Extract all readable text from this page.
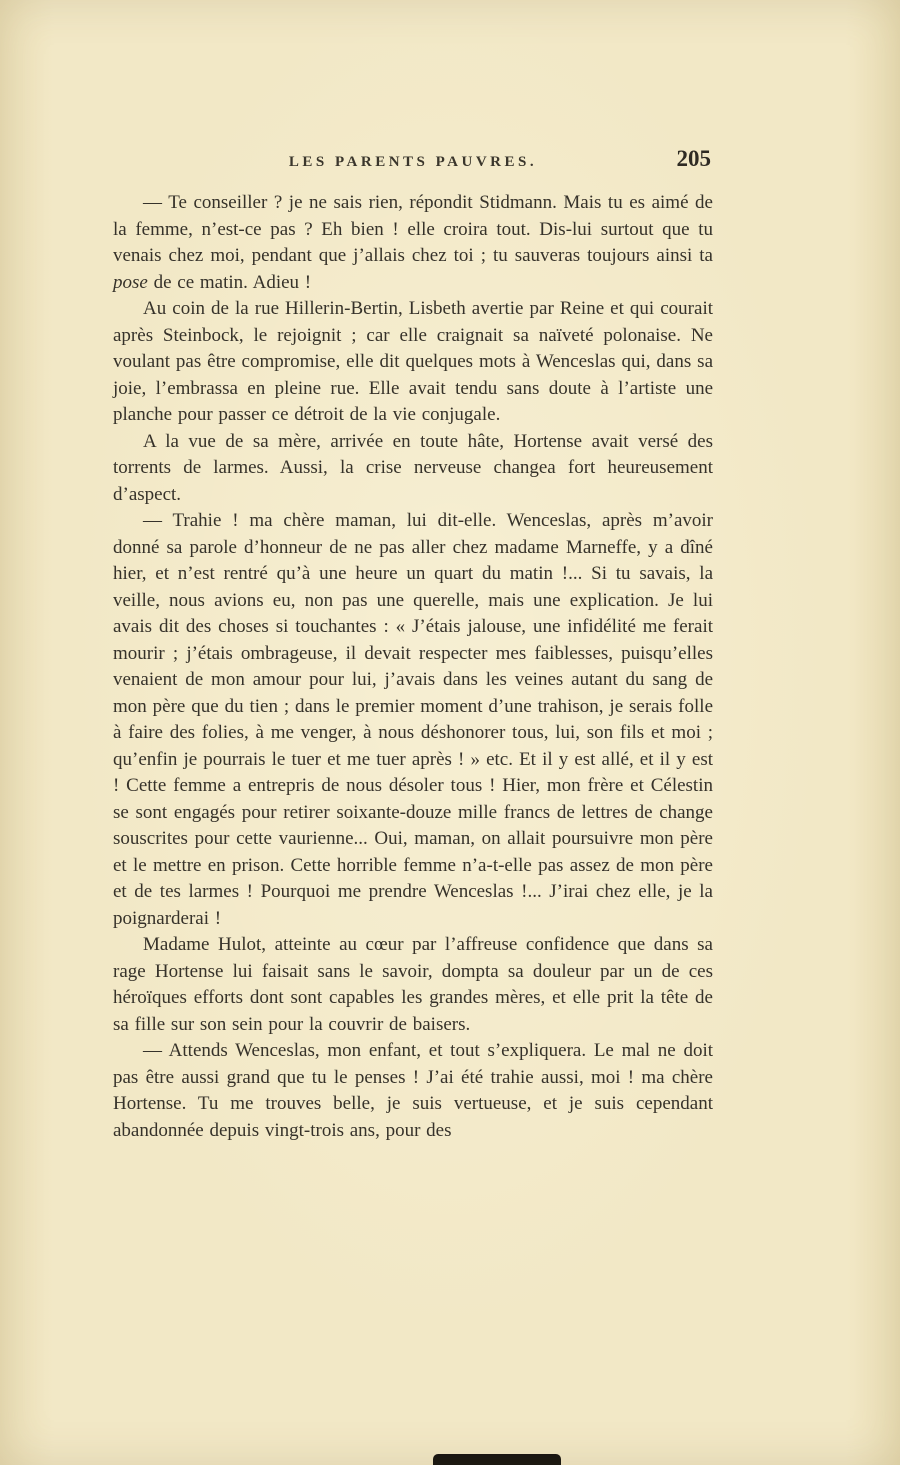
LES PARENTS PAUVRES.	205

— Te conseiller ? je ne sais rien, répondit Stidmann. Mais tu es aimé de la femme, n’est-ce pas ? Eh bien ! elle croira tout. Dis-lui surtout que tu venais chez moi, pendant que j’allais chez toi ; tu sauveras toujours ainsi ta pose de ce matin. Adieu !

Au coin de la rue Hillerin-Bertin, Lisbeth avertie par Reine et qui courait après Steinbock, le rejoignit ; car elle craignait sa naïveté polonaise. Ne voulant pas être compromise, elle dit quelques mots à Wenceslas qui, dans sa joie, l’embrassa en pleine rue. Elle avait tendu sans doute à l’artiste une planche pour passer ce détroit de la vie conjugale.

A la vue de sa mère, arrivée en toute hâte, Hortense avait versé des torrents de larmes. Aussi, la crise nerveuse changea fort heureusement d’aspect.

— Trahie ! ma chère maman, lui dit-elle. Wenceslas, après m’avoir donné sa parole d’honneur de ne pas aller chez madame Marneffe, y a dîné hier, et n’est rentré qu’à une heure un quart du matin !... Si tu savais, la veille, nous avions eu, non pas une querelle, mais une explication. Je lui avais dit des choses si touchantes : « J’étais jalouse, une infidélité me ferait mourir ; j’étais ombrageuse, il devait respecter mes faiblesses, puisqu’elles venaient de mon amour pour lui, j’avais dans les veines autant du sang de mon père que du tien ; dans le premier moment d’une trahison, je serais folle à faire des folies, à me venger, à nous déshonorer tous, lui, son fils et moi ; qu’enfin je pourrais le tuer et me tuer après ! » etc. Et il y est allé, et il y est ! Cette femme a entrepris de nous désoler tous ! Hier, mon frère et Célestin se sont engagés pour retirer soixante-douze mille francs de lettres de change souscrites pour cette vaurienne... Oui, maman, on allait poursuivre mon père et le mettre en prison. Cette horrible femme n’a-t-elle pas assez de mon père et de tes larmes ! Pourquoi me prendre Wenceslas !... J’irai chez elle, je la poignarderai !

Madame Hulot, atteinte au cœur par l’affreuse confidence que dans sa rage Hortense lui faisait sans le savoir, dompta sa douleur par un de ces héroïques efforts dont sont capables les grandes mères, et elle prit la tête de sa fille sur son sein pour la couvrir de baisers.

— Attends Wenceslas, mon enfant, et tout s’expliquera. Le mal ne doit pas être aussi grand que tu le penses ! J’ai été trahie aussi, moi ! ma chère Hortense. Tu me trouves belle, je suis vertueuse, et je suis cependant abandonnée depuis vingt-trois ans, pour des
